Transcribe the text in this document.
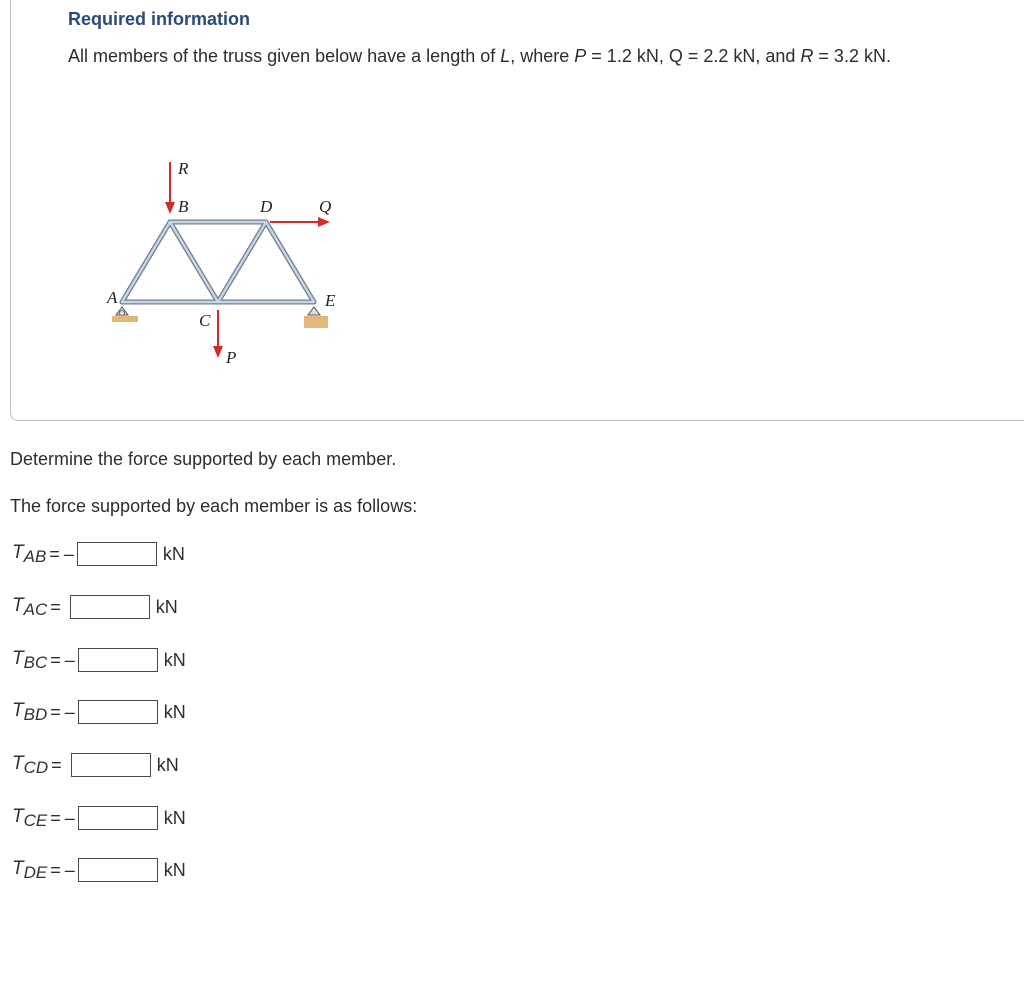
Required information
All members of the truss given below have a length of L, where P = 1.2 kN, Q = 2.2 kN, and R = 3.2 kN.
R
B	D	Q
A
C
E
P
Determine the force supported by each member.
The force supported by each member is as follows:
$T_{AB}$ = –	kN
$T_{AC}$ =	kN
$T_{BC}$ = –	kN
$T_{BD}$ = –	kN
$T_{CD}$ =	kN
$T_{CE}$ = –	kN
$T_{DE}$ = –	kN
